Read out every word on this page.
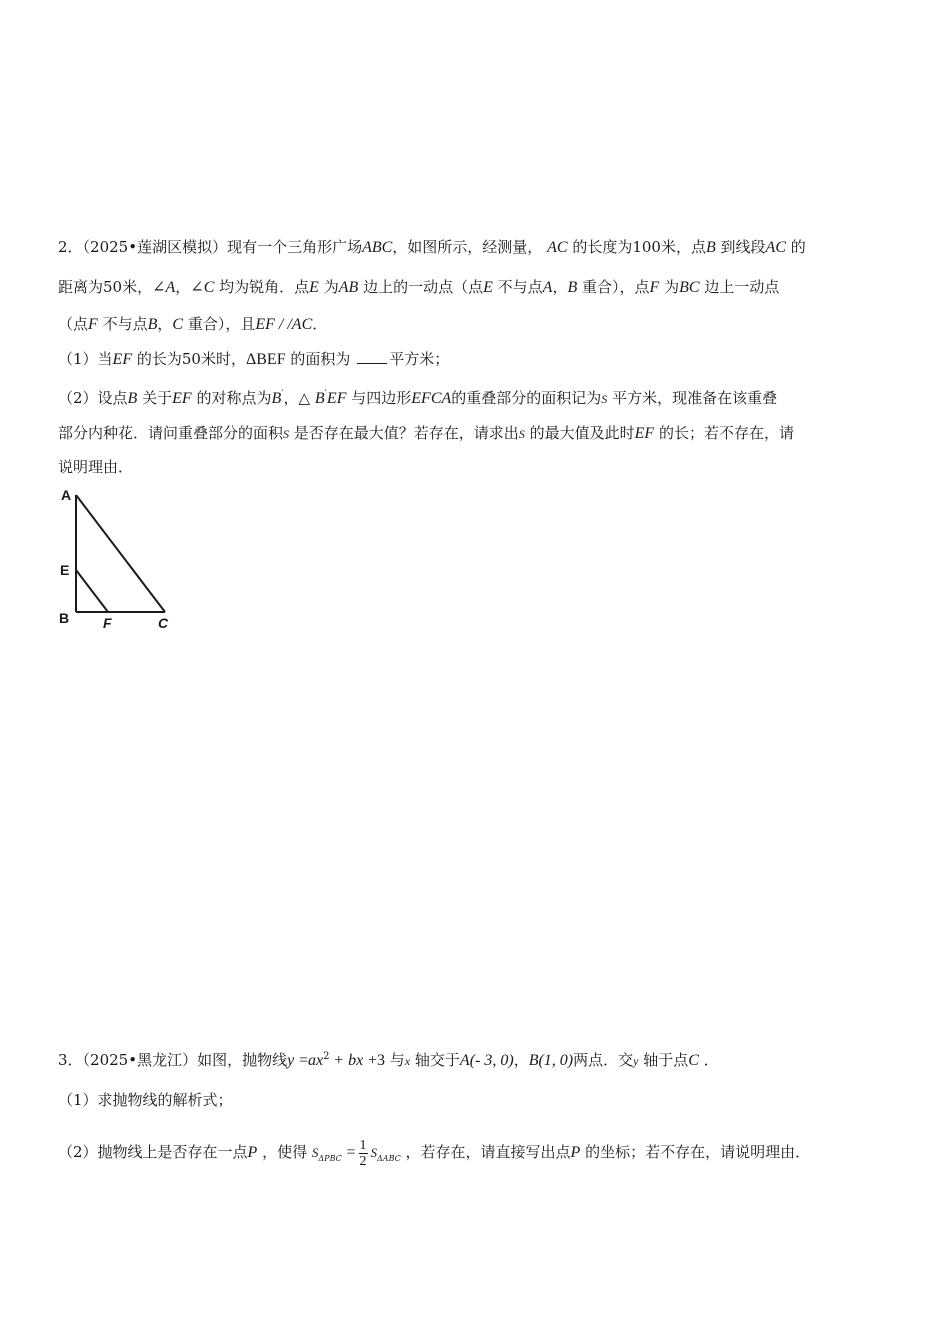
2．（2025•莲湖区模拟）现有一个三角形广场ABC，如图所示，经测量， AC 的长度为100米，点B 到线段AC 的
距离为50米，∠A，∠C 均为锐角．点E 为AB 边上的一动点（点E 不与点A，B 重合），点F 为BC 边上一动点
（点F 不与点B，C 重合），且EF / /AC．
（1）当EF 的长为50米时，ΔBEF 的面积为	平方米；
（2）设点B 关于EF 的对称点为B′，△ B′EF 与四边形EFCA的重叠部分的面积记为S 平方米，现准备在该重叠
部分内种花．请问重叠部分的面积S 是否存在最大值？若存在，请求出S 的最大值及此时EF 的长；若不存在，请
说明理由．
A
E
B F	C
3．（2025•黑龙江）如图，抛物线$y =ax^2$ + bx +3 与x 轴交于A(- 3, 0)，B(1, 0)两点．交y 轴于点C ．
（1）求抛物线的解析式；
（2）抛物线上是否存在一点P ，使得 $S_{\Delta PBC} = \frac{1}{2} S_{\Delta ABC}$ ，若存在，请直接写出点P 的坐标；若不存在，请说明理由．
